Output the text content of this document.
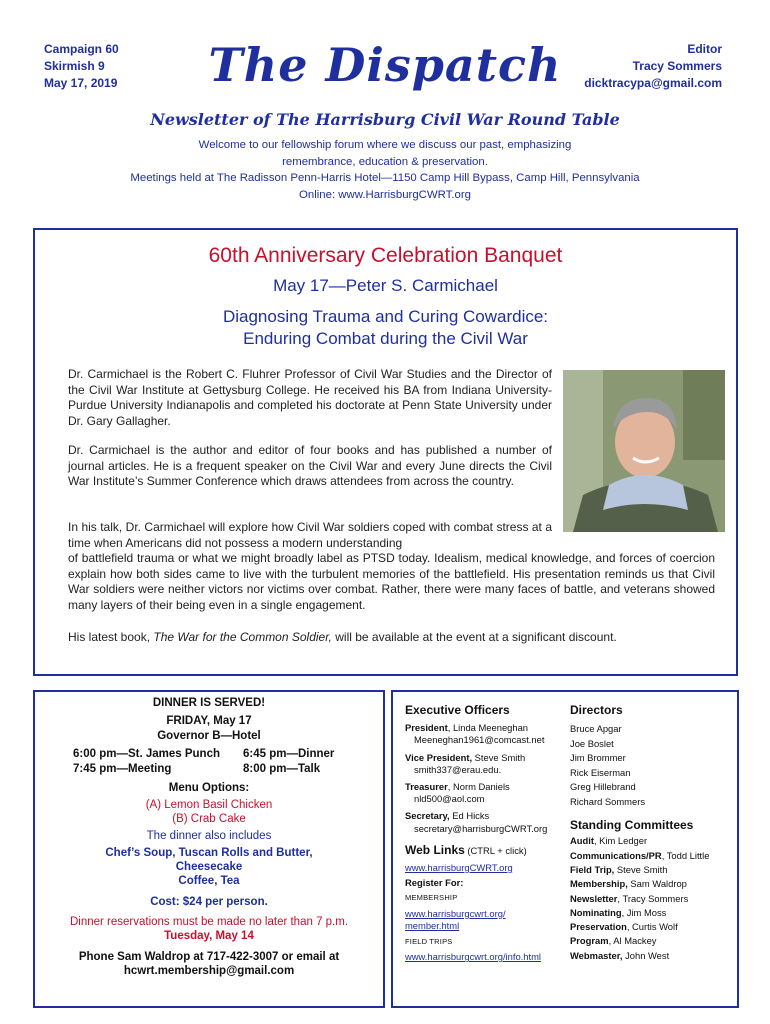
Campaign 60
Skirmish 9
May 17, 2019	The Dispatch	Editor
Tracy Sommers
dicktracypa@gmail.com
Newsletter of The Harrisburg Civil War Round Table
Welcome to our fellowship forum where we discuss our past, emphasizing
remembrance, education & preservation.
Meetings held at The Radisson Penn-Harris Hotel—1150 Camp Hill Bypass, Camp Hill, Pennsylvania
Online: www.HarrisburgCWRT.org
60th Anniversary Celebration Banquet
May 17—Peter S. Carmichael
Diagnosing Trauma and Curing Cowardice:
Enduring Combat during the Civil War
Dr. Carmichael is the Robert C. Fluhrer Professor of Civil War Studies and the Director of the Civil War Institute at Gettysburg College. He received his BA from Indiana University-Purdue University Indianapolis and completed his doctorate at Penn State University under Dr. Gary Gallagher.
Dr. Carmichael is the author and editor of four books and has published a number of journal articles. He is a frequent speaker on the Civil War and every June directs the Civil War Institute’s Summer Conference which draws attendees from across the country.
In his talk, Dr. Carmichael will explore how Civil War soldiers coped with combat stress at a time when Americans did not possess a modern understanding
of battlefield trauma or what we might broadly label as PTSD today. Idealism, medical knowledge, and forces of coercion explain how both sides came to live with the turbulent memories of the battlefield. His presentation reminds us that Civil War soldiers were neither victors nor victims over combat. Rather, there were many faces of battle, and veterans showed many layers of their being even in a single engagement.
His latest book, The War for the Common Soldier, will be available at the event at a significant discount.
DINNER IS SERVED!
FRIDAY, May 17
Governor B—Hotel
6:00 pm—St. James Punch
7:45 pm—Meeting
6:45 pm—Dinner
8:00 pm—Talk
Menu Options:
(A) Lemon Basil Chicken
(B) Crab Cake
The dinner also includes
Chef’s Soup, Tuscan Rolls and Butter,
Cheesecake
Coffee, Tea
Cost: $24 per person.
Dinner reservations must be made no later than 7 p.m.
Tuesday, May 14
Phone Sam Waldrop at 717-422-3007 or email at
hcwrt.membership@gmail.com
Executive Officers
President, Linda Meeneghan
Meeneghan1961@comcast.net
Vice President, Steve Smith
smith337@erau.edu.
Treasurer, Norm Daniels
nld500@aol.com
Secretary, Ed Hicks
secretary@harrisburgCWRT.org
Web Links (CTRL + click)
www.harrisburgCWRT.org
Register For:
MEMBERSHIP
www.harrisburgcwrt.org/
member.html
FIELD TRIPS
www.harrisburgcwrt.org/info.html
Directors
Bruce Apgar
Joe Boslet
Jim Brommer
Rick Eiserman
Greg Hillebrand
Richard Sommers
Standing Committees
Audit, Kim Ledger
Communications/PR, Todd Little
Field Trip, Steve Smith
Membership, Sam Waldrop
Newsletter, Tracy Sommers
Nominating, Jim Moss
Preservation, Curtis Wolf
Program, Al Mackey
Webmaster, John West
